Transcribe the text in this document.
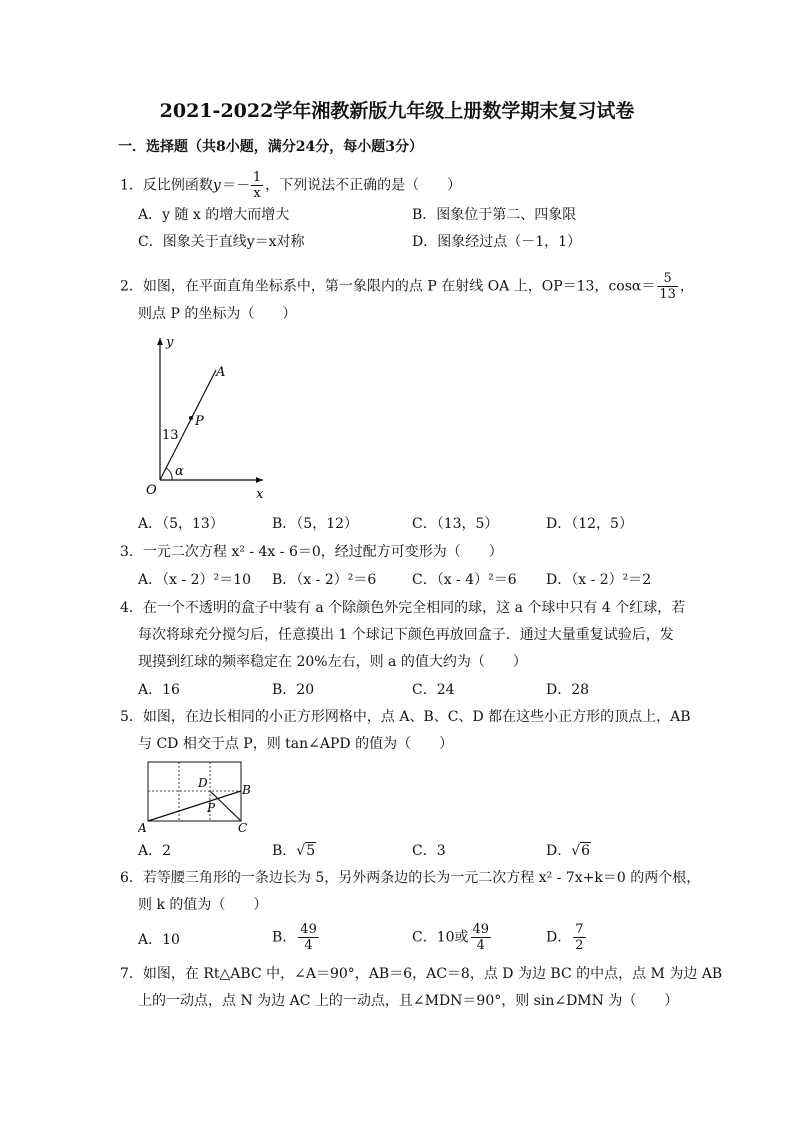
2021-2022学年湘教新版九年级上册数学期末复习试卷
一．选择题（共8小题，满分24分，每小题3分）
1．反比例函数$y=- \frac{1}{x}$ ，下列说法不正确的是（　　）
A．y 随 x 的增大而增大	B．图象位于第二、四象限
C．图象关于直线y＝x对称	D．图象经过点（－1，1）
2．如图，在平面直角坐标系中，第一象限内的点 P 在射线 OA 上，OP＝13，$\cos\alpha= \frac{5}{13}$ ，
则点 P 的坐标为（　　）
y
x
O
A
P
13
α
A．（5，13）	B．（5，12）	C．（13，5）	D．（12，5）
3．一元二次方程 x² - 4x - 6＝0，经过配方可变形为（　　）
A．（x - 2）²＝10 B．（x - 2）²＝6	C．（x - 4）²＝6 D．（x - 2）²＝2
4．在一个不透明的盒子中装有 a 个除颜色外完全相同的球，这 a 个球中只有 4 个红球，若
每次将球充分搅匀后，任意摸出 1 个球记下颜色再放回盒子．通过大量重复试验后，发
现摸到红球的频率稳定在 20%左右，则 a 的值大约为（　　）
A．16	B．20	C．24	D．28
5．如图，在边长相同的小正方形网格中，点 A、B、C、D 都在这些小正方形的顶点上，AB
与 CD 相交于点 P，则 tan∠APD 的值为（　　）
A
B
C
D
P
A．2	B．√5	C．3	D．√6
6．若等腰三角形的一条边长为 5，另外两条边的长为一元二次方程 x² - 7x+k＝0 的两个根，
则 k 的值为（　　）
A．10	B． $\frac{49}{4}$	C．10或 $\frac{49}{4}$	D． $\frac{7}{2}$
7．如图，在 Rt△ABC 中，∠A＝90°，AB＝6，AC＝8，点 D 为边 BC 的中点，点 M 为边 AB
上的一动点，点 N 为边 AC 上的一动点，且∠MDN＝90°，则 sin∠DMN 为（　　）
